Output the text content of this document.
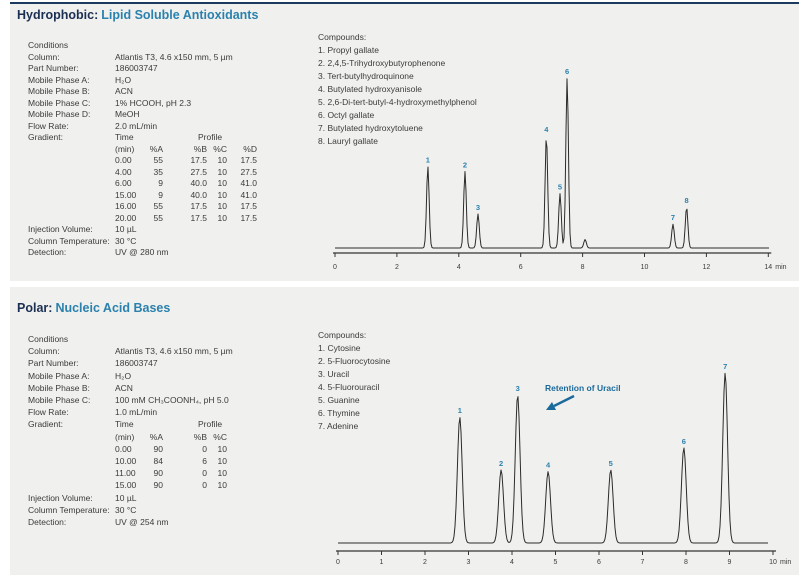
Hydrophobic: Lipid Soluble Antioxidants
Conditions
Column:	Atlantis T3, 4.6 x150 mm, 5 µm
Part Number:	186003747
Mobile Phase A:	H₂O
Mobile Phase B:	ACN
Mobile Phase C:	1% HCOOH, pH 2.3
Mobile Phase D:	MeOH
Flow Rate:	2.0 mL/min
Gradient:	Time	Profile
(min)	%A	%B %C	%D
0.00	55	17.5	10	17.5
4.00	35	27.5	10	27.5
6.00	9	40.0	10	41.0
15.00	9	40.0	10	41.0
16.00	55	17.5	10	17.5
20.00	55	17.5	10	17.5
Injection Volume:	10 µL
Column Temperature: 30 °C
Detection:	UV @ 280 nm
Compounds:
1. Propyl gallate
2. 2,4,5-Trihydroxybutyrophenone
3. Tert-butylhydroquinone
4. Butylated hydroxyanisole
5. 2,6-Di-tert-butyl-4-hydroxymethylphenol
6. Octyl gallate
7. Butylated hydroxytoluene
8. Lauryl gallate
0	2	4	6	8	10	12	14 min
1
2
3
4
5
6
7
8
Polar: Nucleic Acid Bases
Conditions
Column:	Atlantis T3, 4.6 x150 mm, 5 µm
Part Number:	186003747
Mobile Phase A:	H₂O
Mobile Phase B:	ACN
Mobile Phase C:	100 mM CH₃COONH₄, pH 5.0
Flow Rate:	1.0 mL/min
Gradient:	Time	Profile
(min)	%A	%B %C
0.00	90	0	10
10.00	84	6	10
11.00	90	0	10
15.00	90	0	10
Injection Volume:	10 µL
Column Temperature: 30 °C
Detection:	UV @ 254 nm
Compounds:
1. Cytosine
2. 5-Fluorocytosine
3. Uracil
4. 5-Fluorouracil
5. Guanine
6. Thymine
7. Adenine
0	1	2	3	4	5	6	7	8	9	10 min
1
2
3
4	5
6
7
Retention of Uracil
